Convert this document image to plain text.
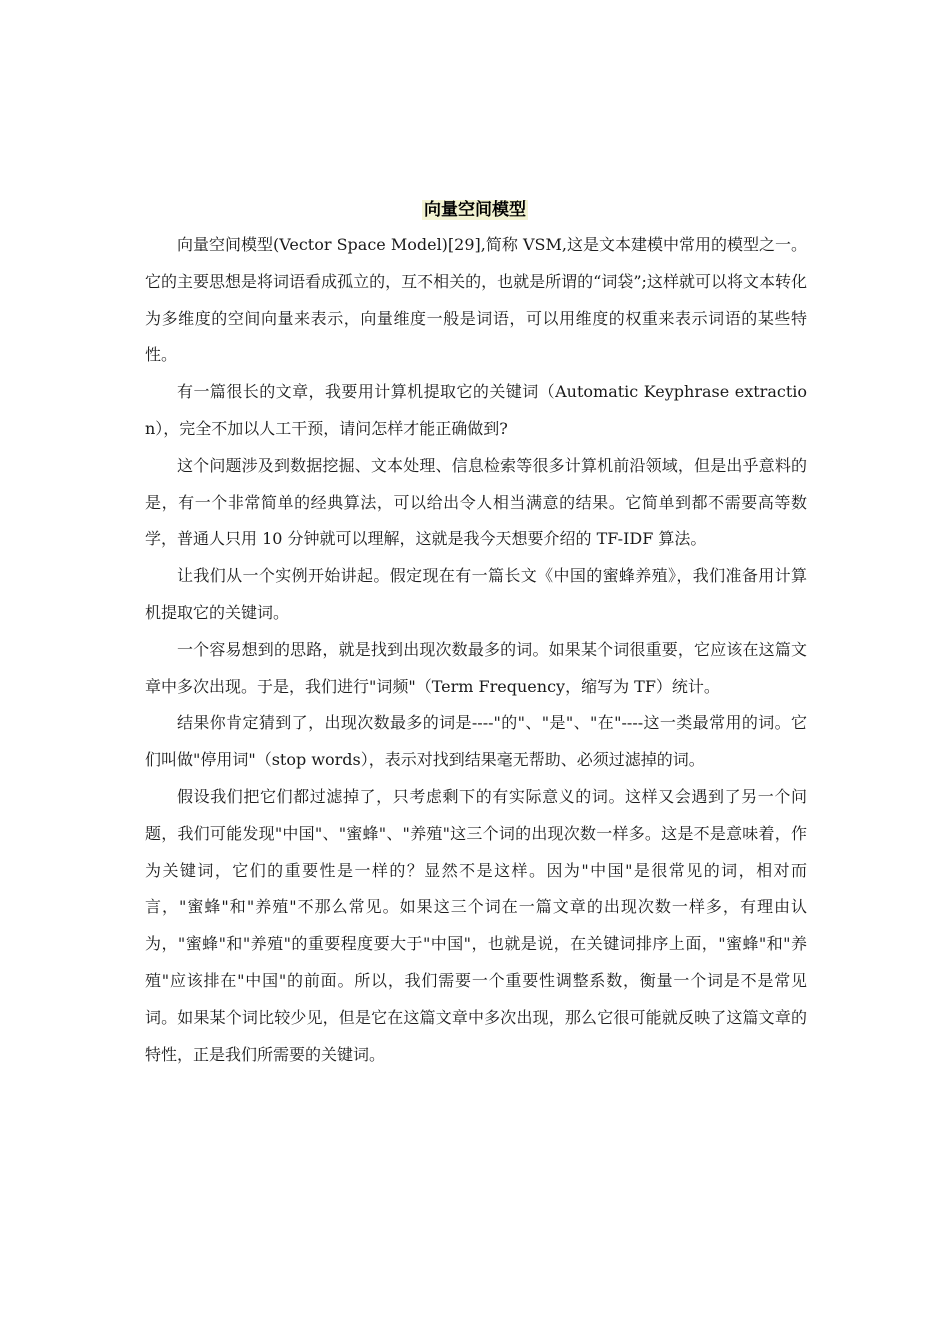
向量空间模型

向量空间模型(Vector Space Model)[29],简称 VSM,这是文本建模中常用的模型之一。它的主要思想是将词语看成孤立的，互不相关的，也就是所谓的“词袋”;这样就可以将文本转化为多维度的空间向量来表示，向量维度一般是词语，可以用维度的权重来表示词语的某些特性。

有一篇很长的文章，我要用计算机提取它的关键词（Automatic Keyphrase extraction），完全不加以人工干预，请问怎样才能正确做到?

这个问题涉及到数据挖掘、文本处理、信息检索等很多计算机前沿领域，但是出乎意料的是，有一个非常简单的经典算法，可以给出令人相当满意的结果。它简单到都不需要高等数学，普通人只用 10 分钟就可以理解，这就是我今天想要介绍的 TF-IDF 算法。

让我们从一个实例开始讲起。假定现在有一篇长文《中国的蜜蜂养殖》，我们准备用计算机提取它的关键词。

一个容易想到的思路，就是找到出现次数最多的词。如果某个词很重要，它应该在这篇文章中多次出现。于是，我们进行"词频"（Term Frequency，缩写为 TF）统计。

结果你肯定猜到了，出现次数最多的词是----"的"、"是"、"在"----这一类最常用的词。它们叫做"停用词"（stop words），表示对找到结果毫无帮助、必须过滤掉的词。

假设我们把它们都过滤掉了，只考虑剩下的有实际意义的词。这样又会遇到了另一个问题，我们可能发现"中国"、"蜜蜂"、"养殖"这三个词的出现次数一样多。这是不是意味着，作为关键词，它们的重要性是一样的？显然不是这样。因为"中国"是很常见的词，相对而言，"蜜蜂"和"养殖"不那么常见。如果这三个词在一篇文章的出现次数一样多，有理由认为，"蜜蜂"和"养殖"的重要程度要大于"中国"，也就是说，在关键词排序上面，"蜜蜂"和"养殖"应该排在"中国"的前面。所以，我们需要一个重要性调整系数，衡量一个词是不是常见词。如果某个词比较少见，但是它在这篇文章中多次出现，那么它很可能就反映了这篇文章的特性，正是我们所需要的关键词。
